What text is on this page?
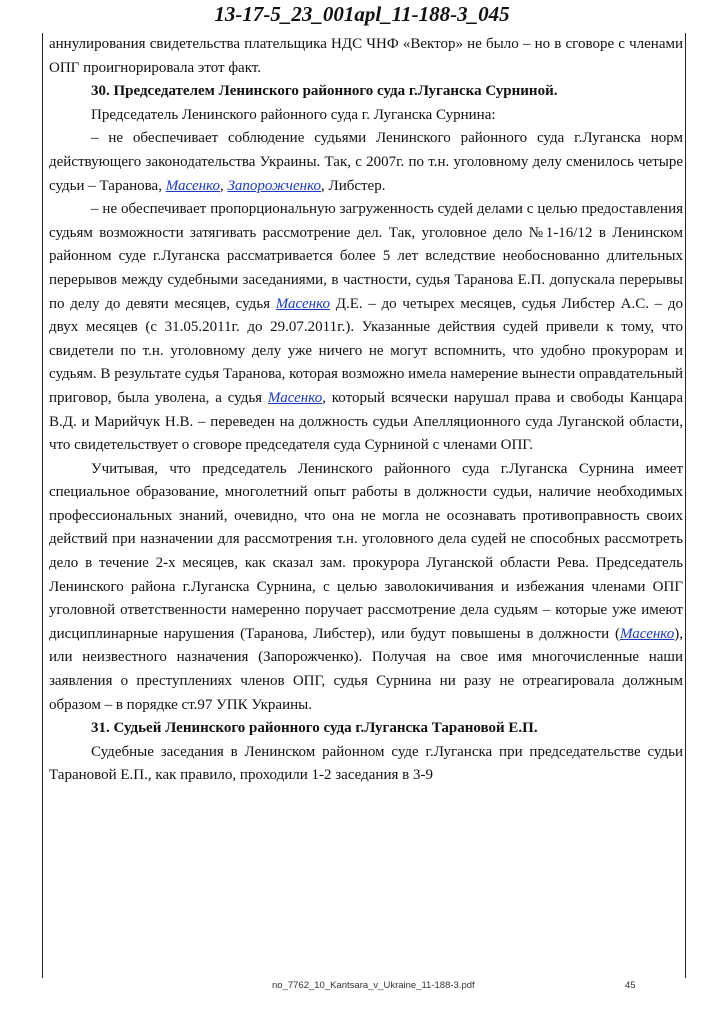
13-17-5_23_001apl_11-188-3_045

аннулирования свидетельства плательщика НДС ЧНФ «Вектор» не было – но в сговоре с членами ОПГ проигнорировала этот факт.

30. Председателем Ленинского районного суда г.Луганска Сурниной.

Председатель Ленинского районного суда г. Луганска Сурнина:

– не обеспечивает соблюдение судьями Ленинского районного суда г.Луганска норм действующего законодательства Украины. Так, с 2007г. по т.н. уголовному делу сменилось четыре судьи – Таранова, Масенко, Запорожченко, Либстер.

– не обеспечивает пропорциональную загруженность судей делами с целью предоставления судьям возможности затягивать рассмотрение дел. Так, уголовное дело №1-16/12 в Ленинском районном суде г.Луганска рассматривается более 5 лет вследствие необоснованно длительных перерывов между судебными заседаниями, в частности, судья Таранова Е.П. допускала перерывы по делу до девяти месяцев, судья Масенко Д.Е. – до четырех месяцев, судья Либстер А.С. – до двух месяцев (с 31.05.2011г. до 29.07.2011г.). Указанные действия судей привели к тому, что свидетели по т.н. уголовному делу уже ничего не могут вспомнить, что удобно прокурорам и судьям. В результате судья Таранова, которая возможно имела намерение вынести оправдательный приговор, была уволена, а судья Масенко, который всячески нарушал права и свободы Канцара В.Д. и Марийчук Н.В. – переведен на должность судьи Апелляционного суда Луганской области, что свидетельствует о сговоре председателя суда Сурниной с членами ОПГ.

Учитывая, что председатель Ленинского районного суда г.Луганска Сурнина имеет специальное образование, многолетний опыт работы в должности судьи, наличие необходимых профессиональных знаний, очевидно, что она не могла не осознавать противоправность своих действий при назначении для рассмотрения т.н. уголовного дела судей не способных рассмотреть дело в течение 2-х месяцев, как сказал зам. прокурора Луганской области Рева. Председатель Ленинского района г.Луганска Сурнина, с целью заволокичивания и избежания членами ОПГ уголовной ответственности намеренно поручает рассмотрение дела судьям – которые уже имеют дисциплинарные нарушения (Таранова, Либстер), или будут повышены в должности (Масенко), или неизвестного назначения (Запорожченко). Получая на свое имя многочисленные наши заявления о преступлениях членов ОПГ, судья Сурнина ни разу не отреагировала должным образом – в порядке ст.97 УПК Украины.

31. Судьей Ленинского районного суда г.Луганска Тарановой Е.П.

Судебные заседания в Ленинском районном суде г.Луганска при председательстве судьи Тарановой Е.П., как правило, проходили 1-2 заседания в 3-9

no_7762_10_Kantsara_v_Ukraine_11-188-3.pdf	45
